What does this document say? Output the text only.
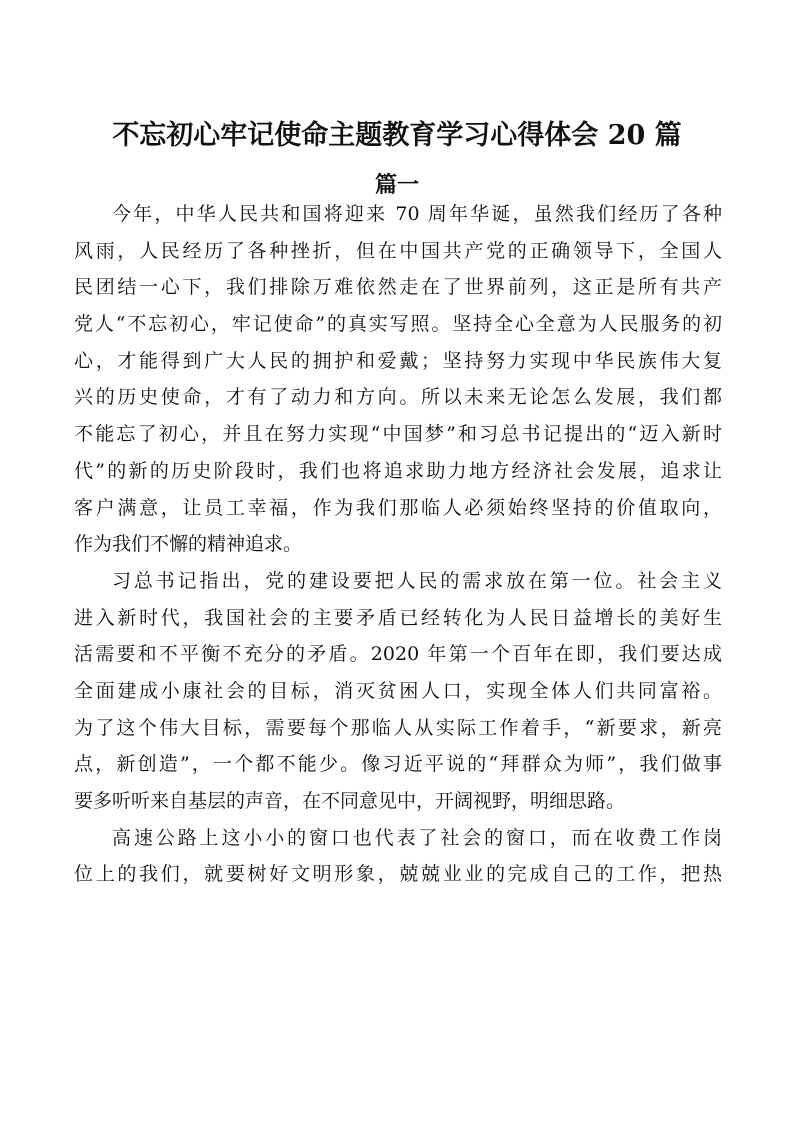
不忘初心牢记使命主题教育学习心得体会 20 篇
篇一
今年，中华人民共和国将迎来 70 周年华诞，虽然我们经历了各种
风雨，人民经历了各种挫折，但在中国共产党的正确领导下，全国人
民团结一心下，我们排除万难依然走在了世界前列，这正是所有共产
党人“不忘初心，牢记使命”的真实写照。坚持全心全意为人民服务的初
心，才能得到广大人民的拥护和爱戴；坚持努力实现中华民族伟大复
兴的历史使命，才有了动力和方向。所以未来无论怎么发展，我们都
不能忘了初心，并且在努力实现“中国梦”和习总书记提出的“迈入新时
代”的新的历史阶段时，我们也将追求助力地方经济社会发展，追求让
客户满意，让员工幸福，作为我们那临人必须始终坚持的价值取向，
作为我们不懈的精神追求。
习总书记指出，党的建设要把人民的需求放在第一位。社会主义
进入新时代，我国社会的主要矛盾已经转化为人民日益增长的美好生
活需要和不平衡不充分的矛盾。2020 年第一个百年在即，我们要达成
全面建成小康社会的目标，消灭贫困人口，实现全体人们共同富裕。
为了这个伟大目标，需要每个那临人从实际工作着手，“新要求，新亮
点，新创造”，一个都不能少。像习近平说的“拜群众为师”，我们做事
要多听听来自基层的声音，在不同意见中，开阔视野，明细思路。
高速公路上这小小的窗口也代表了社会的窗口，而在收费工作岗
位上的我们，就要树好文明形象，兢兢业业的完成自己的工作，把热
